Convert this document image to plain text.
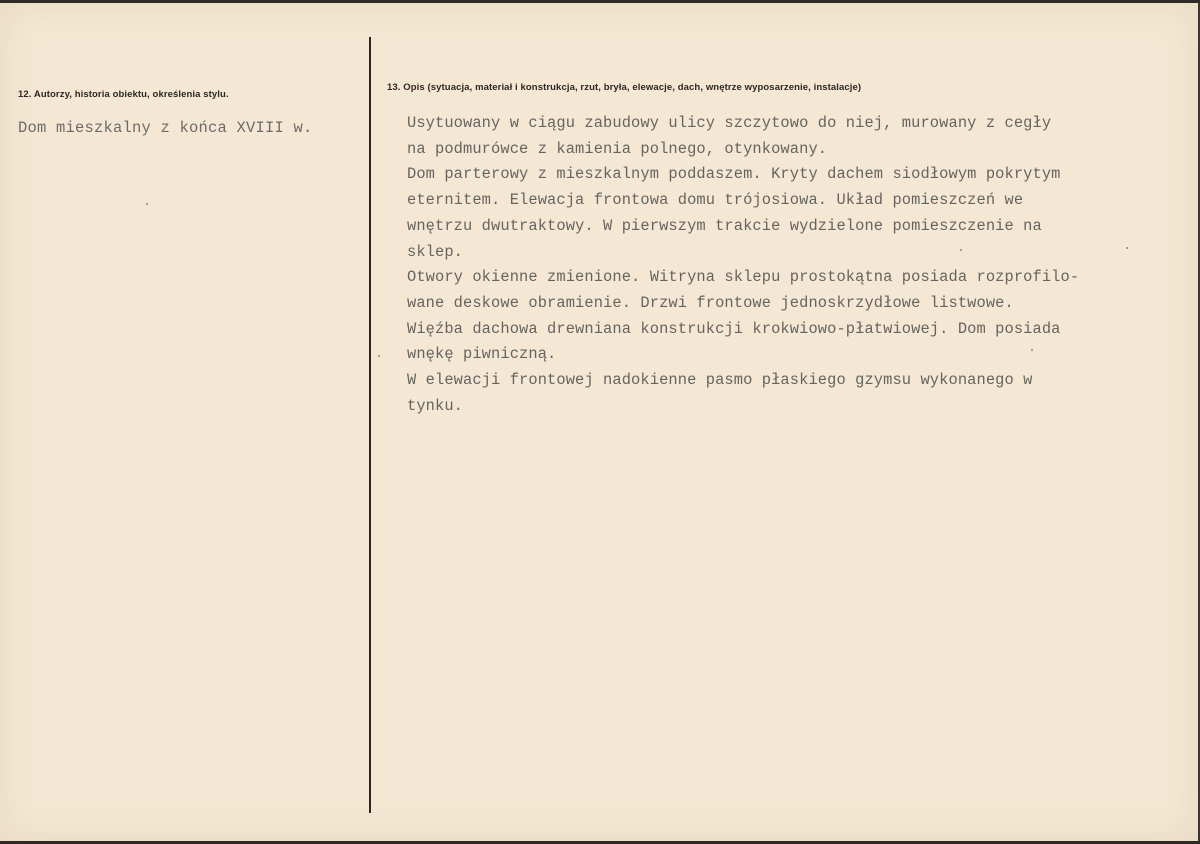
12. Autorzy, historia obiektu, określenia stylu.
Dom mieszkalny z końca XVIII w.
13. Opis (sytuacja, materiał i konstrukcja, rzut, bryła, elewacje, dach, wnętrze wyposarzenie, instalacje)
Usytuowany w ciągu zabudowy ulicy szczytowo do niej, murowany z cegły
na podmurówce z kamienia polnego, otynkowany.
Dom parterowy z mieszkalnym poddaszem. Kryty dachem siodłowym pokrytym
eternitem. Elewacja frontowa domu trójosiowa. Układ pomieszczeń we
wnętrzu dwutraktowy. W pierwszym trakcie wydzielone pomieszczenie na
sklep.
Otwory okienne zmienione. Witryna sklepu prostokątna posiada rozprofilo-
wane deskowe obramienie. Drzwi frontowe jednoskrzydłowe listwowe.
Więźba dachowa drewniana konstrukcji krokwiowo-płatwiowej. Dom posiada
wnękę piwniczną.
W elewacji frontowej nadokienne pasmo płaskiego gzymsu wykonanego w
tynku.
